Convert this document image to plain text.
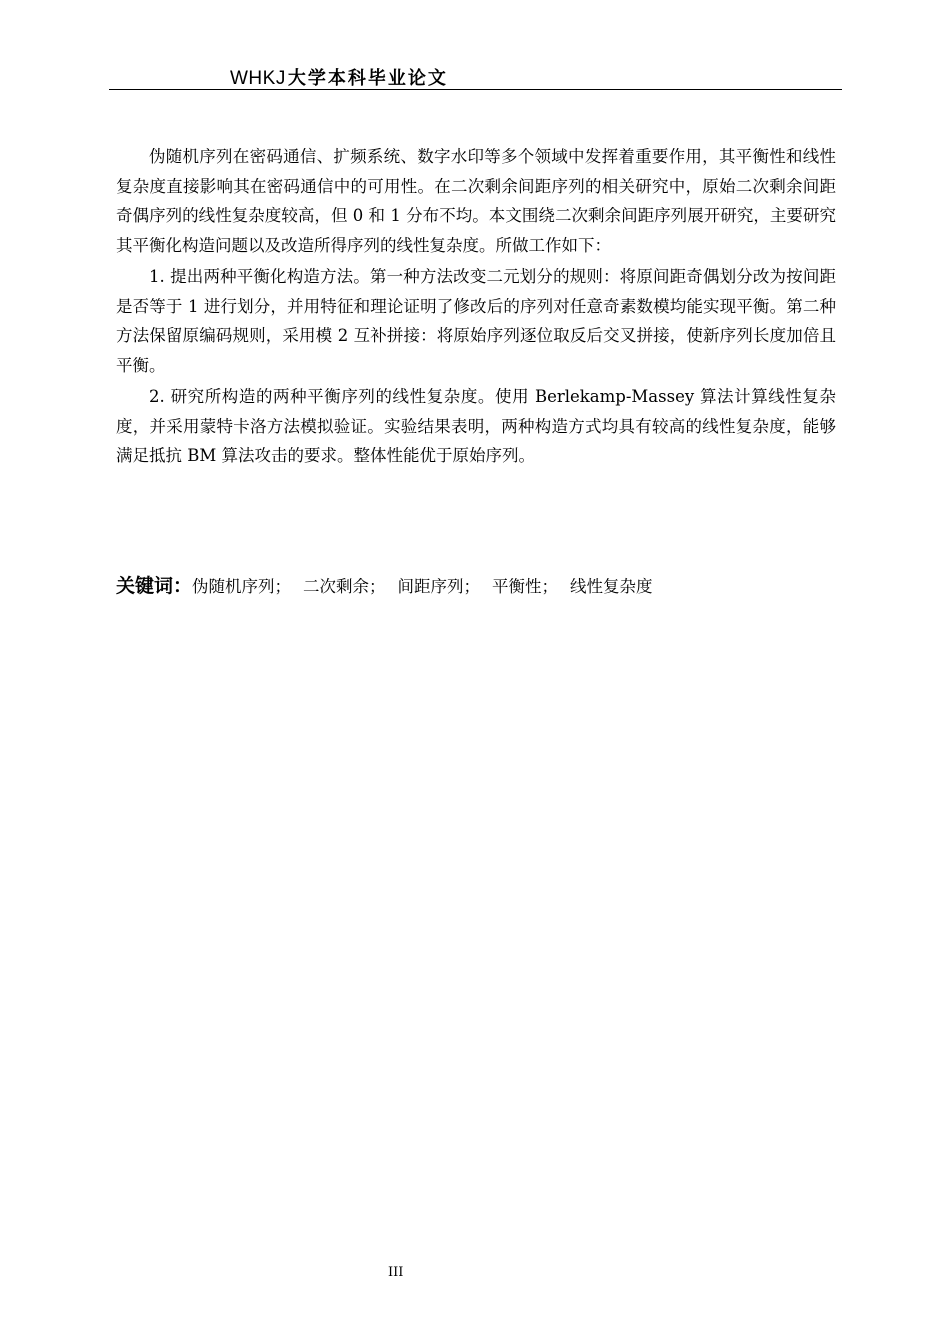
WHKJ 大学本科毕业论文

伪随机序列在密码通信、扩频系统、数字水印等多个领域中发挥着重要作用，其平衡性和线性复杂度直接影响其在密码通信中的可用性。在二次剩余间距序列的相关研究中，原始二次剩余间距奇偶序列的线性复杂度较高，但 0 和 1 分布不均。本文围绕二次剩余间距序列展开研究，主要研究其平衡化构造问题以及改造所得序列的线性复杂度。所做工作如下：

1. 提出两种平衡化构造方法。第一种方法改变二元划分的规则：将原间距奇偶划分改为按间距是否等于 1 进行划分，并用特征和理论证明了修改后的序列对任意奇素数模均能实现平衡。第二种方法保留原编码规则，采用模 2 互补拼接：将原始序列逐位取反后交叉拼接，使新序列长度加倍且平衡。

2. 研究所构造的两种平衡序列的线性复杂度。使用 Berlekamp-Massey 算法计算线性复杂度，并采用蒙特卡洛方法模拟验证。实验结果表明，两种构造方式均具有较高的线性复杂度，能够满足抵抗 BM 算法攻击的要求。整体性能优于原始序列。

关键词：伪随机序列； 二次剩余； 间距序列； 平衡性； 线性复杂度
III
